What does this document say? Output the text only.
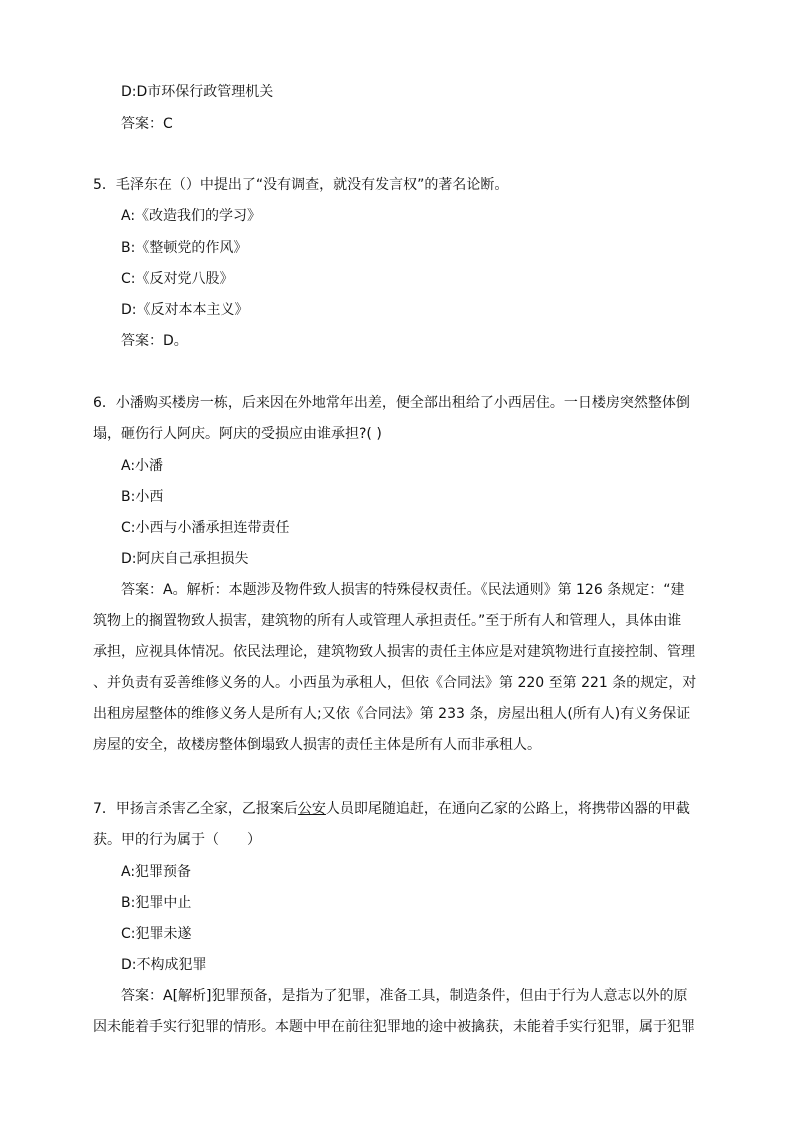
D:D市环保行政管理机关
答案：C
5．毛泽东在（）中提出了“没有调查，就没有发言权”的著名论断。
A:《改造我们的学习》
B:《整顿党的作风》
C:《反对党八股》
D:《反对本本主义》
答案：D。
6．小潘购买楼房一栋，后来因在外地常年出差，便全部出租给了小西居住。一日楼房突然整体倒
塌，砸伤行人阿庆。阿庆的受损应由谁承担?( )
A:小潘
B:小西
C:小西与小潘承担连带责任
D:阿庆自己承担损失
答案：A。解析：本题涉及物件致人损害的特殊侵权责任。《民法通则》第 126 条规定：“建
筑物上的搁置物致人损害，建筑物的所有人或管理人承担责任。”至于所有人和管理人，具体由谁
承担，应视具体情况。依民法理论，建筑物致人损害的责任主体应是对建筑物进行直接控制、管理
、并负责有妥善维修义务的人。小西虽为承租人，但依《合同法》第 220 至第 221 条的规定，对
出租房屋整体的维修义务人是所有人;又依《合同法》第 233 条，房屋出租人(所有人)有义务保证
房屋的安全，故楼房整体倒塌致人损害的责任主体是所有人而非承租人。
7．甲扬言杀害乙全家，乙报案后公安人员即尾随追赶，在通向乙家的公路上，将携带凶器的甲截
获。甲的行为属于（　　）
A:犯罪预备
B:犯罪中止
C:犯罪未遂
D:不构成犯罪
答案：A[解析]犯罪预备，是指为了犯罪，准备工具，制造条件，但由于行为人意志以外的原
因未能着手实行犯罪的情形。本题中甲在前往犯罪地的途中被擒获，未能着手实行犯罪，属于犯罪
